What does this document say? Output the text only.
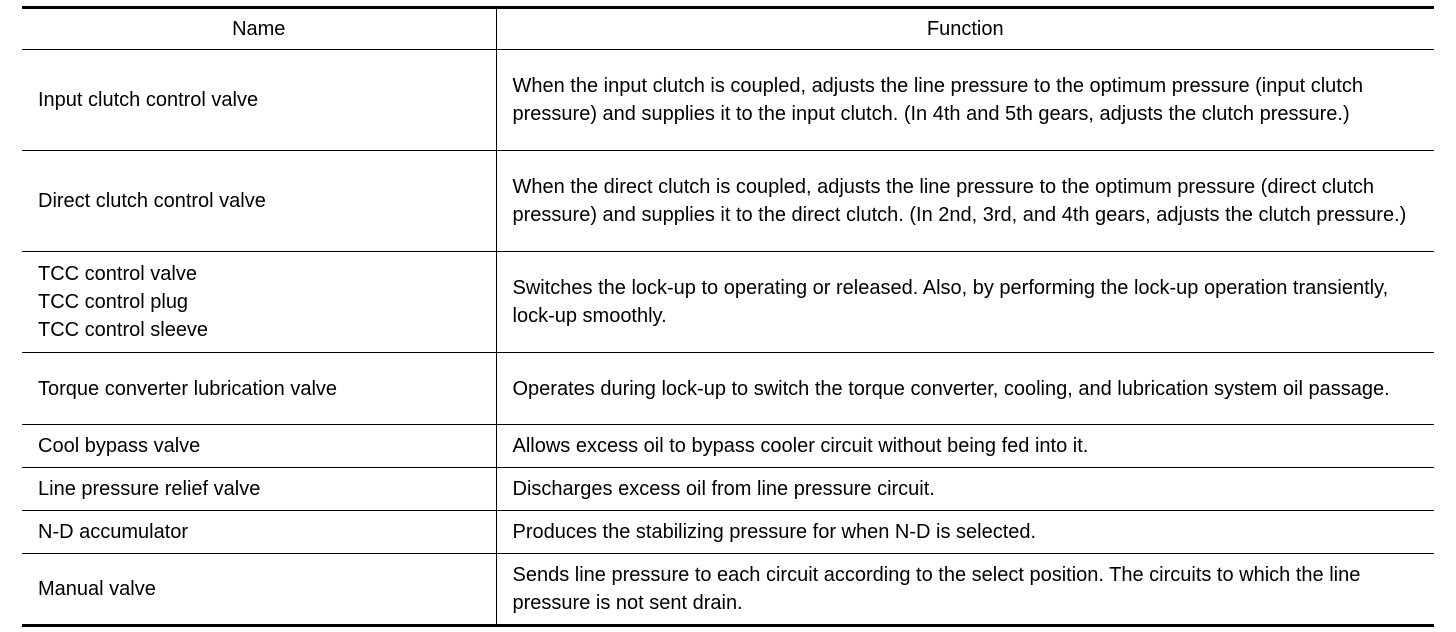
Name	Function

Input clutch control valve	When the input clutch is coupled, adjusts the line pressure to the optimum pressure (input clutch pressure) and supplies it to the input clutch. (In 4th and 5th gears, adjusts the clutch pressure.)

Direct clutch control valve	When the direct clutch is coupled, adjusts the line pressure to the optimum pressure (direct clutch pressure) and supplies it to the direct clutch. (In 2nd, 3rd, and 4th gears, adjusts the clutch pressure.)

TCC control valve
TCC control plug
TCC control sleeve	Switches the lock-up to operating or released. Also, by performing the lock-up operation transiently, lock-up smoothly.

Torque converter lubrication valve	Operates during lock-up to switch the torque converter, cooling, and lubrication system oil passage.

Cool bypass valve	Allows excess oil to bypass cooler circuit without being fed into it.

Line pressure relief valve	Discharges excess oil from line pressure circuit.

N-D accumulator	Produces the stabilizing pressure for when N-D is selected.

Manual valve	Sends line pressure to each circuit according to the select position. The circuits to which the line pressure is not sent drain.
